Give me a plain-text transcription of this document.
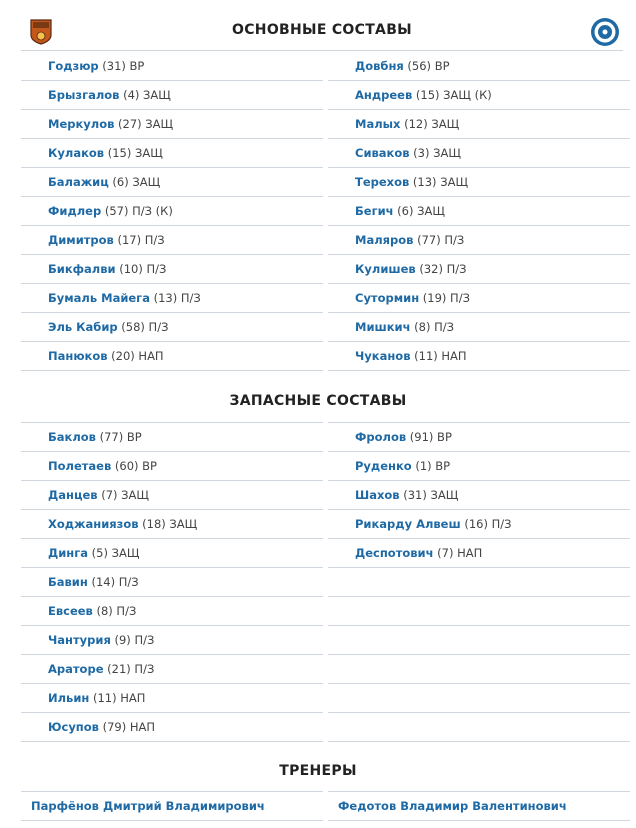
ОСНОВНЫЕ СОСТАВЫ
Годзюр (31) ВР
Брызгалов (4) ЗАЩ
Меркулов (27) ЗАЩ
Кулаков (15) ЗАЩ
Балажиц (6) ЗАЩ
Фидлер (57) П/З (К)
Димитров (17) П/З
Бикфалви (10) П/З
Бумаль Майега (13) П/З
Эль Кабир (58) П/З
Панюков (20) НАП
Довбня (56) ВР
Андреев (15) ЗАЩ (К)
Малых (12) ЗАЩ
Сиваков (3) ЗАЩ
Терехов (13) ЗАЩ
Бегич (6) ЗАЩ
Маляров (77) П/З
Кулишев (32) П/З
Сутормин (19) П/З
Мишкич (8) П/З
Чуканов (11) НАП
ЗАПАСНЫЕ СОСТАВЫ
Баклов (77) ВР
Полетаев (60) ВР
Данцев (7) ЗАЩ
Ходжаниязов (18) ЗАЩ
Динга (5) ЗАЩ
Бавин (14) П/З
Евсеев (8) П/З
Чантурия (9) П/З
Араторе (21) П/З
Ильин (11) НАП
Юсупов (79) НАП
Фролов (91) ВР
Руденко (1) ВР
Шахов (31) ЗАЩ
Рикарду Алвеш (16) П/З
Деспотович (7) НАП
ТРЕНЕРЫ
Парфёнов Дмитрий Владимирович	Федотов Владимир Валентинович
